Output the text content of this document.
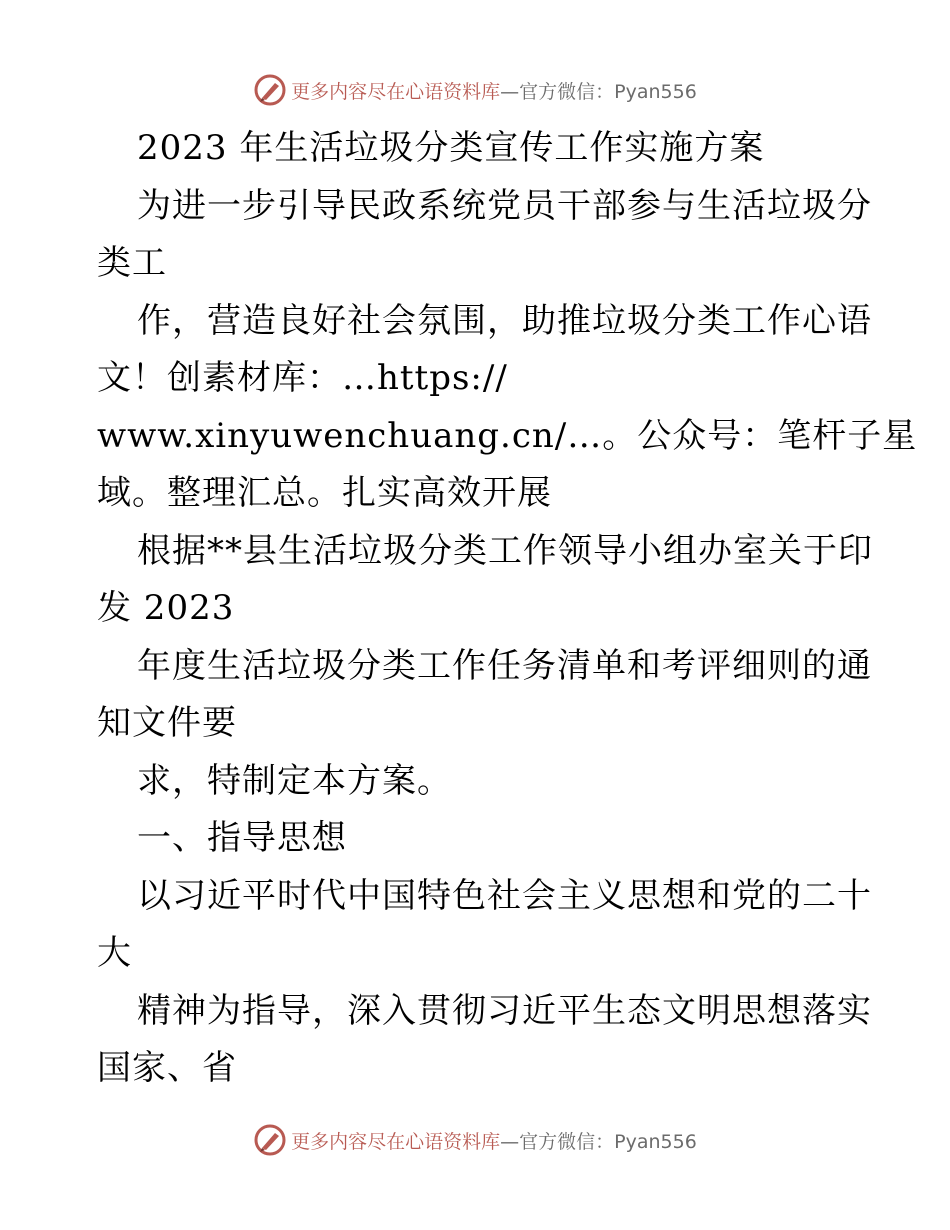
更多内容尽在心语资料库—官方微信：Pyan556
2023 年生活垃圾分类宣传工作实施方案
为进一步引导民政系统党员干部参与生活垃圾分
类工
作，营造良好社会氛围，助推垃圾分类工作心语
文！创素材库：…https://
www.xinyuwenchuang.cn/…。公众号：笔杆子星
域。整理汇总。扎实高效开展
根据**县生活垃圾分类工作领导小组办室关于印
发 2023
年度生活垃圾分类工作任务清单和考评细则的通
知文件要
求，特制定本方案。
一、指导思想
以习近平时代中国特色社会主义思想和党的二十
大
精神为指导，深入贯彻习近平生态文明思想落实
国家、省
更多内容尽在心语资料库—官方微信：Pyan556
